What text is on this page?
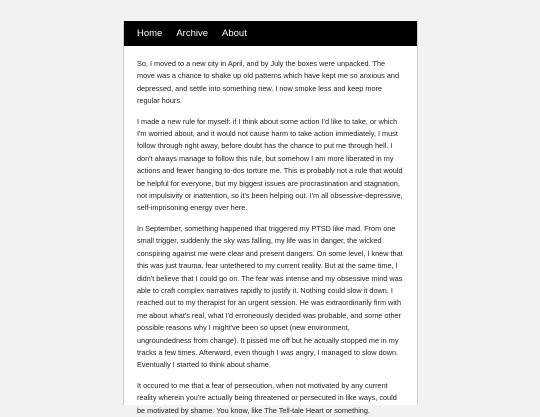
Home Archive About

So, I moved to a new city in April, and by July the boxes were unpacked. The move was a chance to shake up old patterns which have kept me so anxious and depressed, and settle into something new. I now smoke less and keep more regular hours.

I made a new rule for myself: if I think about some action I'd like to take, or which I'm worried about, and it would not cause harm to take action immediately, I must follow through right away, before doubt has the chance to put me through hell. I don't always manage to follow this rule, but somehow I am more liberated in my actions and fewer hanging to-dos torture me. This is probably not a rule that would be helpful for everyone, but my biggest issues are procrastination and stagnation, not impulsivity or inattention, so it's been helping out. I'm all obsessive-depressive, self-imprisoning energy over here.

In September, something happened that triggered my PTSD like mad. From one small trigger, suddenly the sky was falling, my life was in danger, the wicked conspiring against me were clear and present dangers. On some level, I knew that this was just trauma, fear untethered to my current reality. But at the same time, I didn't believe that I could go on. The fear was intense and my obsessive mind was able to craft complex narratives rapidly to justify it. Nothing could slow it down. I reached out to my therapist for an urgent session. He was extraordinarily firm with me about what's real, what I'd erroneously decided was probable, and some other possible reasons why I might've been so upset (new environment, ungroundedness from change). It pissed me off but he actually stopped me in my tracks a few times. Afterward, even though I was angry, I managed to slow down. Eventually I started to think about shame.

It occured to me that a fear of persecution, when not motivated by any current reality wherein you're actually being threatened or persecuted in like ways, could be motivated by shame. You know, like The Tell-tale Heart or something.
